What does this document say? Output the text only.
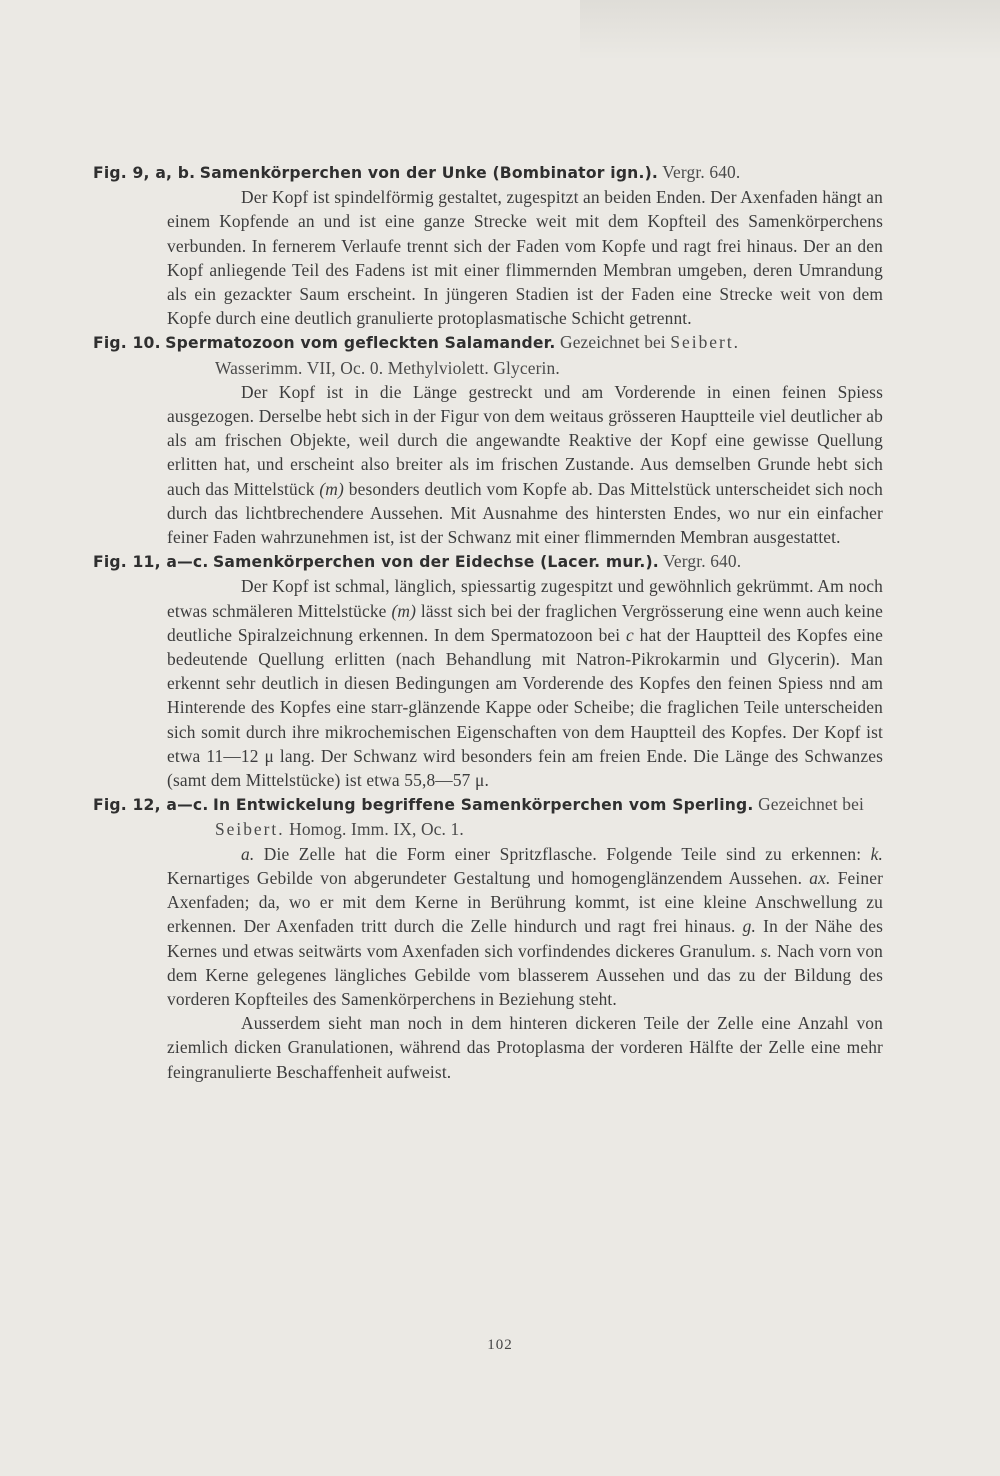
Fig. 9, a, b. Samenkörperchen von der Unke (Bombinator ign.). Vergr. 640.
Der Kopf ist spindelförmig gestaltet, zugespitzt an beiden Enden. Der Axenfaden hängt an einem Kopfende an und ist eine ganze Strecke weit mit dem Kopfteil des Samenkörperchens verbunden. In fernerem Verlaufe trennt sich der Faden vom Kopfe und ragt frei hinaus. Der an den Kopf anliegende Teil des Fadens ist mit einer flimmernden Membran umgeben, deren Umrandung als ein gezackter Saum erscheint. In jüngeren Stadien ist der Faden eine Strecke weit von dem Kopfe durch eine deutlich granulierte protoplasmatische Schicht getrennt.
Fig. 10. Spermatozoon vom gefleckten Salamander. Gezeichnet bei Seibert.
Wasserimm. VII, Oc. 0. Methylviolett. Glycerin.
Der Kopf ist in die Länge gestreckt und am Vorderende in einen feinen Spiess ausgezogen. Derselbe hebt sich in der Figur von dem weitaus grösseren Hauptteile viel deutlicher ab als am frischen Objekte, weil durch die angewandte Reaktive der Kopf eine gewisse Quellung erlitten hat, und erscheint also breiter als im frischen Zustande. Aus demselben Grunde hebt sich auch das Mittelstück (m) besonders deutlich vom Kopfe ab. Das Mittelstück unterscheidet sich noch durch das lichtbrechendere Aussehen. Mit Ausnahme des hintersten Endes, wo nur ein einfacher feiner Faden wahrzunehmen ist, ist der Schwanz mit einer flimmernden Membran ausgestattet.
Fig. 11, a—c. Samenkörperchen von der Eidechse (Lacer. mur.). Vergr. 640.
Der Kopf ist schmal, länglich, spiessartig zugespitzt und gewöhnlich gekrümmt. Am noch etwas schmäleren Mittelstücke (m) lässt sich bei der fraglichen Vergrösserung eine wenn auch keine deutliche Spiralzeichnung erkennen. In dem Spermatozoon bei c hat der Hauptteil des Kopfes eine bedeutende Quellung erlitten (nach Behandlung mit Natron-Pikrokarmin und Glycerin). Man erkennt sehr deutlich in diesen Bedingungen am Vorderende des Kopfes den feinen Spiess nnd am Hinterende des Kopfes eine starr-glänzende Kappe oder Scheibe; die fraglichen Teile unterscheiden sich somit durch ihre mikrochemischen Eigenschaften von dem Hauptteil des Kopfes. Der Kopf ist etwa 11—12 μ lang. Der Schwanz wird besonders fein am freien Ende. Die Länge des Schwanzes (samt dem Mittelstücke) ist etwa 55,8—57 μ.
Fig. 12, a—c. In Entwickelung begriffene Samenkörperchen vom Sperling. Gezeichnet bei
Seibert. Homog. Imm. IX, Oc. 1.
a. Die Zelle hat die Form einer Spritzflasche. Folgende Teile sind zu erkennen: k. Kernartiges Gebilde von abgerundeter Gestaltung und homogenglänzendem Aussehen. ax. Feiner Axenfaden; da, wo er mit dem Kerne in Berührung kommt, ist eine kleine Anschwellung zu erkennen. Der Axenfaden tritt durch die Zelle hindurch und ragt frei hinaus. g. In der Nähe des Kernes und etwas seitwärts vom Axenfaden sich vorfindendes dickeres Granulum. s. Nach vorn von dem Kerne gelegenes längliches Gebilde vom blasserem Aussehen und das zu der Bildung des vorderen Kopfteiles des Samenkörperchens in Beziehung steht.
Ausserdem sieht man noch in dem hinteren dickeren Teile der Zelle eine Anzahl von ziemlich dicken Granulationen, während das Protoplasma der vorderen Hälfte der Zelle eine mehr feingranulierte Beschaffenheit aufweist.
102
